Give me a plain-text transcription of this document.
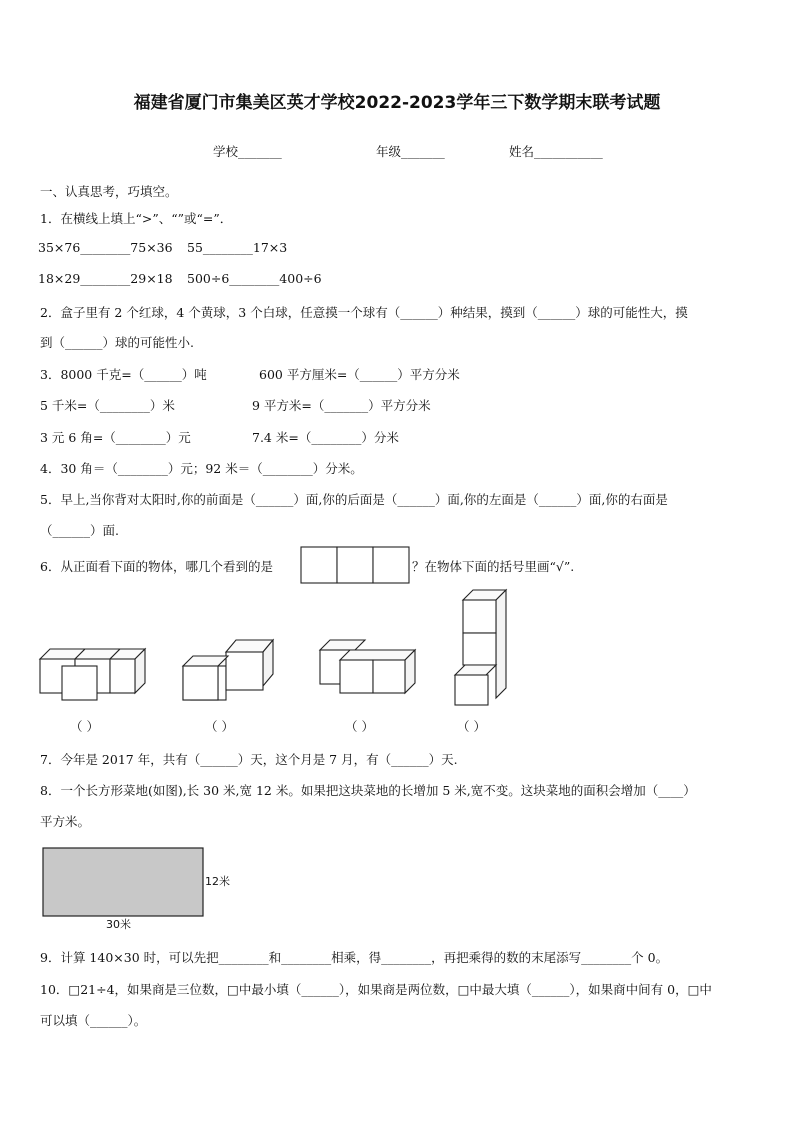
福建省厦门市集美区英才学校2022-2023学年三下数学期末联考试题
学校_______	年级_______	姓名___________
一、认真思考，巧填空。
1．在横线上填上“>”、“”或“=”．
35×76________75×36 55________17×3
18×29________29×18 500÷6________400÷6
2．盒子里有 2 个红球，4 个黄球，3 个白球，任意摸一个球有（______）种结果，摸到（______）球的可能性大，摸
到（______）球的可能性小.
3．8000 千克=（______）吨	600 平方厘米=（______）平方分米
5 千米=（________）米	9 平方米=（_______）平方分米
3 元 6 角=（________）元	7.4 米=（________）分米
4．30 角＝（________）元；92 米＝（________）分米。
5．早上,当你背对太阳时,你的前面是（______）面,你的后面是（______）面,你的左面是（______）面,你的右面是
（______）面.
6．从正面看下面的物体，哪几个看到的是	？在物体下面的括号里画“√”.
（ ）	（ ）	（ ）	（ ）
7．今年是 2017 年，共有（______）天，这个月是 7 月，有（______）天.
8．一个长方形菜地(如图),长 30 米,宽 12 米。如果把这块菜地的长增加 5 米,宽不变。这块菜地的面积会增加（____）
平方米。
12米
30米
9．计算 140×30 时，可以先把________和________相乘，得________，再把乘得的数的末尾添写________个 0。
10．□21÷4，如果商是三位数，□中最小填（______），如果商是两位数，□中最大填（______），如果商中间有 0，□中
可以填（______）。
